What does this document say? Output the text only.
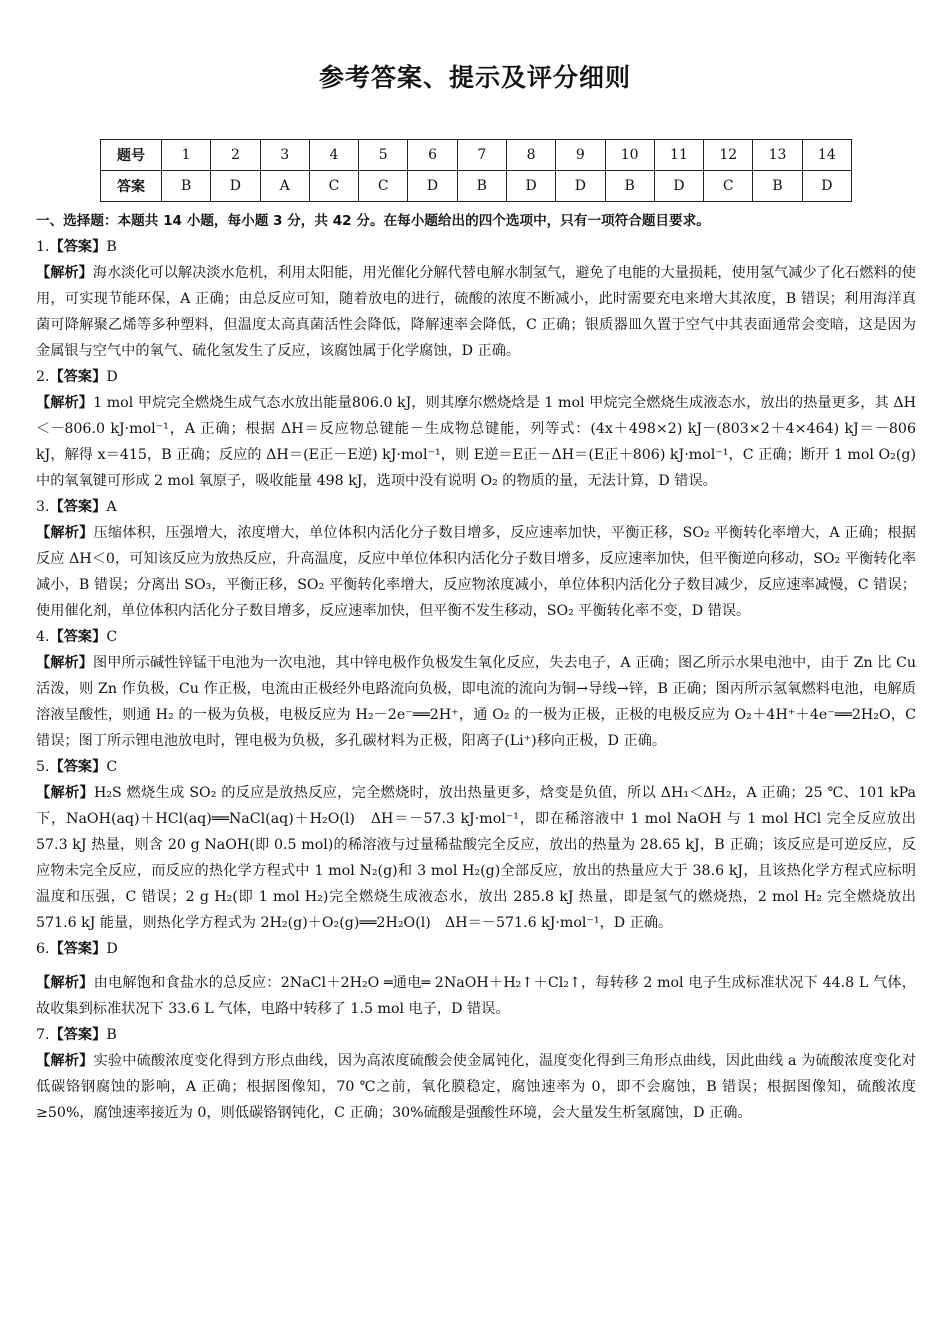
参考答案、提示及评分细则
题号	1	2	3	4	5	6	7	8	9	10	11	12	13	14
答案	B	D	A	C	C	D	B	D	D	B	D	C	B	D
一、选择题：本题共 14 小题，每小题 3 分，共 42 分。在每小题给出的四个选项中，只有一项符合题目要求。
1.【答案】B
【解析】海水淡化可以解决淡水危机，利用太阳能，用光催化分解代替电解水制氢气，避免了电能的大量损耗，使用氢气减少了化石燃料的使用，可实现节能环保，A 正确；由总反应可知，随着放电的进行，硫酸的浓度不断减小，此时需要充电来增大其浓度，B 错误；利用海洋真菌可降解聚乙烯等多种塑料，但温度太高真菌活性会降低，降解速率会降低，C 正确；银质器皿久置于空气中其表面通常会变暗，这是因为金属银与空气中的氧气、硫化氢发生了反应，该腐蚀属于化学腐蚀，D 正确。
2.【答案】D
【解析】1 mol 甲烷完全燃烧生成气态水放出能量806.0 kJ，则其摩尔燃烧焓是 1 mol 甲烷完全燃烧生成液态水，放出的热量更多，其 ΔH＜－806.0 kJ·mol⁻¹，A 正确；根据 ΔH＝反应物总键能－生成物总键能，列等式：(4x＋498×2) kJ－(803×2＋4×464) kJ＝－806 kJ，解得 x＝415，B 正确；反应的 ΔH＝(E正－E逆) kJ·mol⁻¹，则 E逆＝E正－ΔH＝(E正＋806) kJ·mol⁻¹，C 正确；断开 1 mol O₂(g)中的氧氧键可形成 2 mol 氧原子，吸收能量 498 kJ，选项中没有说明 O₂ 的物质的量，无法计算，D 错误。
3.【答案】A
【解析】压缩体积，压强增大，浓度增大，单位体积内活化分子数目增多，反应速率加快，平衡正移，SO₂ 平衡转化率增大，A 正确；根据反应 ΔH＜0，可知该反应为放热反应，升高温度，反应中单位体积内活化分子数目增多，反应速率加快，但平衡逆向移动，SO₂ 平衡转化率减小，B 错误；分离出 SO₃，平衡正移，SO₂ 平衡转化率增大，反应物浓度减小，单位体积内活化分子数目减少，反应速率减慢，C 错误；使用催化剂，单位体积内活化分子数目增多，反应速率加快，但平衡不发生移动，SO₂ 平衡转化率不变，D 错误。
4.【答案】C
【解析】图甲所示碱性锌锰干电池为一次电池，其中锌电极作负极发生氧化反应，失去电子，A 正确；图乙所示水果电池中，由于 Zn 比 Cu 活泼，则 Zn 作负极，Cu 作正极，电流由正极经外电路流向负极，即电流的流向为铜→导线→锌，B 正确；图丙所示氢氧燃料电池，电解质溶液呈酸性，则通 H₂ 的一极为负极，电极反应为 H₂－2e⁻══2H⁺，通 O₂ 的一极为正极，正极的电极反应为 O₂＋4H⁺＋4e⁻══2H₂O，C 错误；图丁所示锂电池放电时，锂电极为负极，多孔碳材料为正极，阳离子(Li⁺)移向正极，D 正确。
5.【答案】C
【解析】H₂S 燃烧生成 SO₂ 的反应是放热反应，完全燃烧时，放出热量更多，焓变是负值，所以 ΔH₁＜ΔH₂，A 正确；25 ℃、101 kPa 下，NaOH(aq)＋HCl(aq)══NaCl(aq)＋H₂O(l)　ΔH＝－57.3 kJ·mol⁻¹，即在稀溶液中 1 mol NaOH 与 1 mol HCl 完全反应放出57.3 kJ 热量，则含 20 g NaOH(即 0.5 mol)的稀溶液与过量稀盐酸完全反应，放出的热量为 28.65 kJ，B 正确；该反应是可逆反应，反应物未完全反应，而反应的热化学方程式中 1 mol N₂(g)和 3 mol H₂(g)全部反应，放出的热量应大于 38.6 kJ，且该热化学方程式应标明温度和压强，C 错误；2 g H₂(即 1 mol H₂)完全燃烧生成液态水，放出 285.8 kJ 热量，即是氢气的燃烧热，2 mol H₂ 完全燃烧放出 571.6 kJ 能量，则热化学方程式为 2H₂(g)＋O₂(g)══2H₂O(l)　ΔH＝－571.6 kJ·mol⁻¹，D 正确。
6.【答案】D
【解析】由电解饱和食盐水的总反应：2NaCl＋2H₂O ═通电═ 2NaOH＋H₂↑＋Cl₂↑，每转移 2 mol 电子生成标准状况下 44.8 L 气体，故收集到标准状况下 33.6 L 气体，电路中转移了 1.5 mol 电子，D 错误。
7.【答案】B
【解析】实验中硫酸浓度变化得到方形点曲线，因为高浓度硫酸会使金属钝化，温度变化得到三角形点曲线，因此曲线 a 为硫酸浓度变化对低碳铬钢腐蚀的影响，A 正确；根据图像知，70 ℃之前，氧化膜稳定，腐蚀速率为 0，即不会腐蚀，B 错误；根据图像知，硫酸浓度≥50%，腐蚀速率接近为 0，则低碳铬钢钝化，C 正确；30%硫酸是强酸性环境，会大量发生析氢腐蚀，D 正确。
